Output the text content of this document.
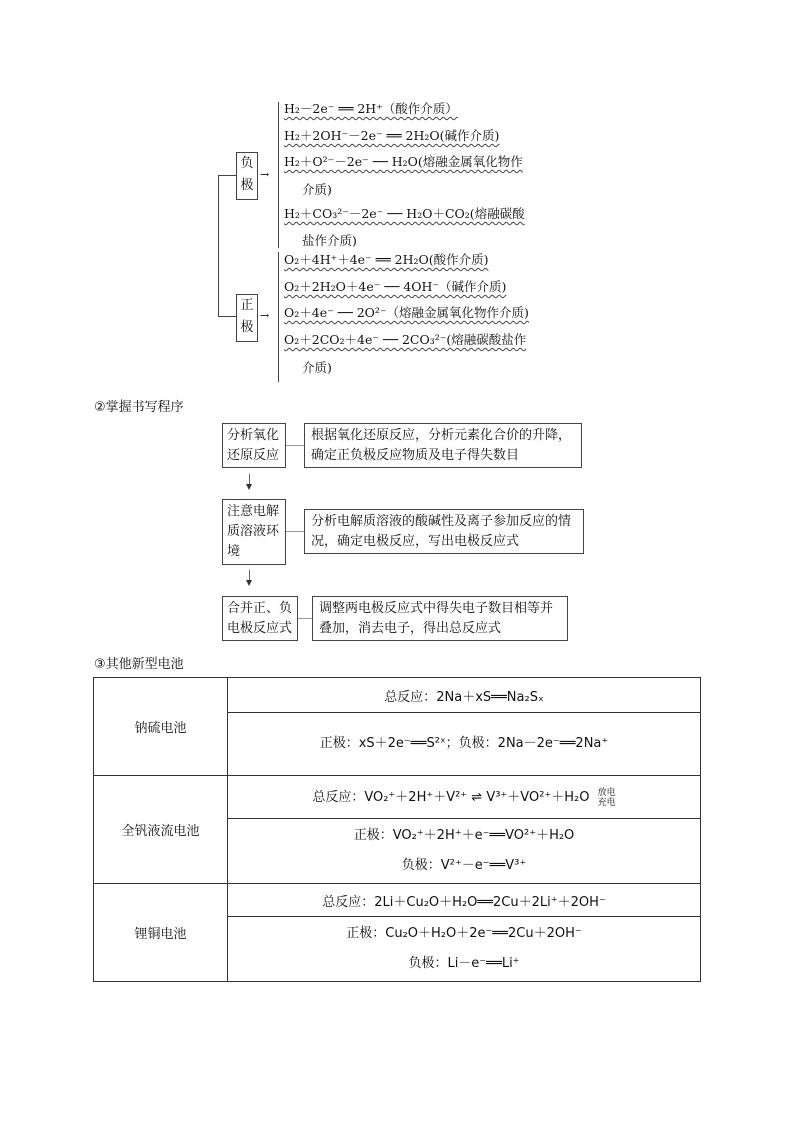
负
极
正
极
→
→
H₂－2e⁻ ══ 2H⁺（酸作介质）
H₂＋2OH⁻－2e⁻ ══ 2H₂O(碱作介质)
H₂＋O²⁻－2e⁻ ── H₂O(熔融金属氧化物作
介质)
H₂＋CO₃²⁻－2e⁻ ── H₂O＋CO₂(熔融碳酸
盐作介质)
O₂＋4H⁺＋4e⁻ ══ 2H₂O(酸作介质)
O₂＋2H₂O＋4e⁻ ── 4OH⁻（碱作介质)
O₂＋4e⁻ ── 2O²⁻（熔融金属氧化物作介质)
O₂＋2CO₂＋4e⁻ ── 2CO₃²⁻(熔融碳酸盐作
介质)
②掌握书写程序
分析氧化还原反应
根据氧化还原反应，分析元素化合价的升降，确定正负极反应物质及电子得失数目
注意电解质溶液环境
分析电解质溶液的酸碱性及离子参加反应的情况，确定电极反应，写出电极反应式
合并正、负电极反应式
调整两电极反应式中得失电子数目相等并叠加，消去电子，得出总反应式
③其他新型电池
钠硫电池	总反应：2Na＋xS══Na₂Sₓ

	正极：xS＋2e⁻══S²ˣ；负极：2Na－2e⁻══2Na⁺

全钒液流电池	总反应：VO₂⁺＋2H⁺＋V²⁺ ⇌ V³⁺＋VO²⁺＋H₂O 放电
充电

	正极：VO₂⁺＋2H⁺＋e⁻══VO²⁺＋H₂O
负极：V²⁺－e⁻══V³⁺

锂铜电池	总反应：2Li＋Cu₂O＋H₂O══2Cu＋2Li⁺＋2OH⁻

	正极：Cu₂O＋H₂O＋2e⁻══2Cu＋2OH⁻
负极：Li－e⁻══Li⁺
